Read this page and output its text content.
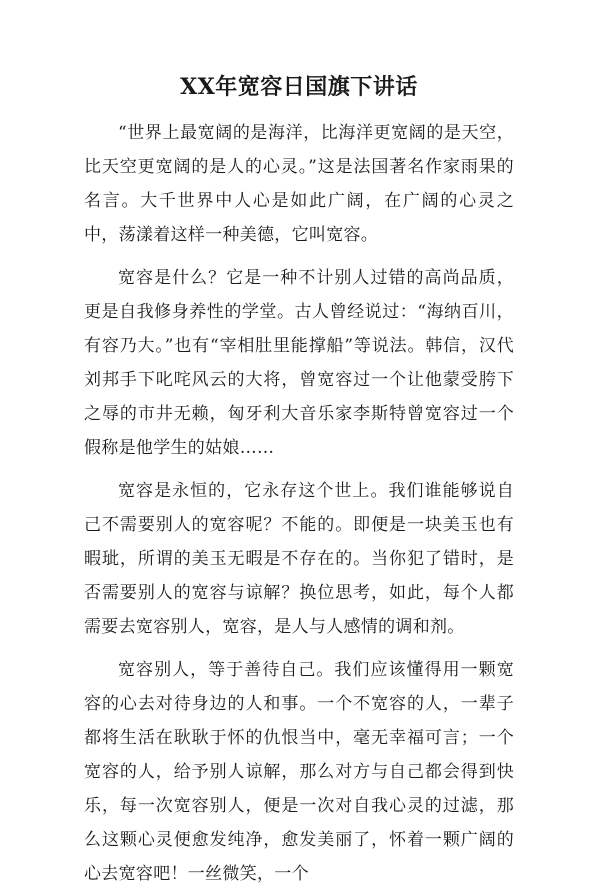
XX年宽容日国旗下讲话

“世界上最宽阔的是海洋，比海洋更宽阔的是天空，比天空更宽阔的是人的心灵。”这是法国著名作家雨果的名言。大千世界中人心是如此广阔，在广阔的心灵之中，荡漾着这样一种美德，它叫宽容。

宽容是什么？它是一种不计别人过错的高尚品质，更是自我修身养性的学堂。古人曾经说过：“海纳百川，有容乃大。”也有“宰相肚里能撑船”等说法。韩信，汉代刘邦手下叱咤风云的大将，曾宽容过一个让他蒙受胯下之辱的市井无赖，匈牙利大音乐家李斯特曾宽容过一个假称是他学生的姑娘……

宽容是永恒的，它永存这个世上。我们谁能够说自己不需要别人的宽容呢？不能的。即便是一块美玉也有暇玼，所谓的美玉无暇是不存在的。当你犯了错时，是否需要别人的宽容与谅解？换位思考，如此，每个人都需要去宽容别人，宽容，是人与人感情的调和剂。

宽容别人，等于善待自己。我们应该懂得用一颗宽容的心去对待身边的人和事。一个不宽容的人，一辈子都将生活在耿耿于怀的仇恨当中，毫无幸福可言；一个宽容的人，给予别人谅解，那么对方与自己都会得到快乐，每一次宽容别人，便是一次对自我心灵的过滤，那么这颗心灵便愈发纯净，愈发美丽了，怀着一颗广阔的心去宽容吧！一丝微笑，一个
